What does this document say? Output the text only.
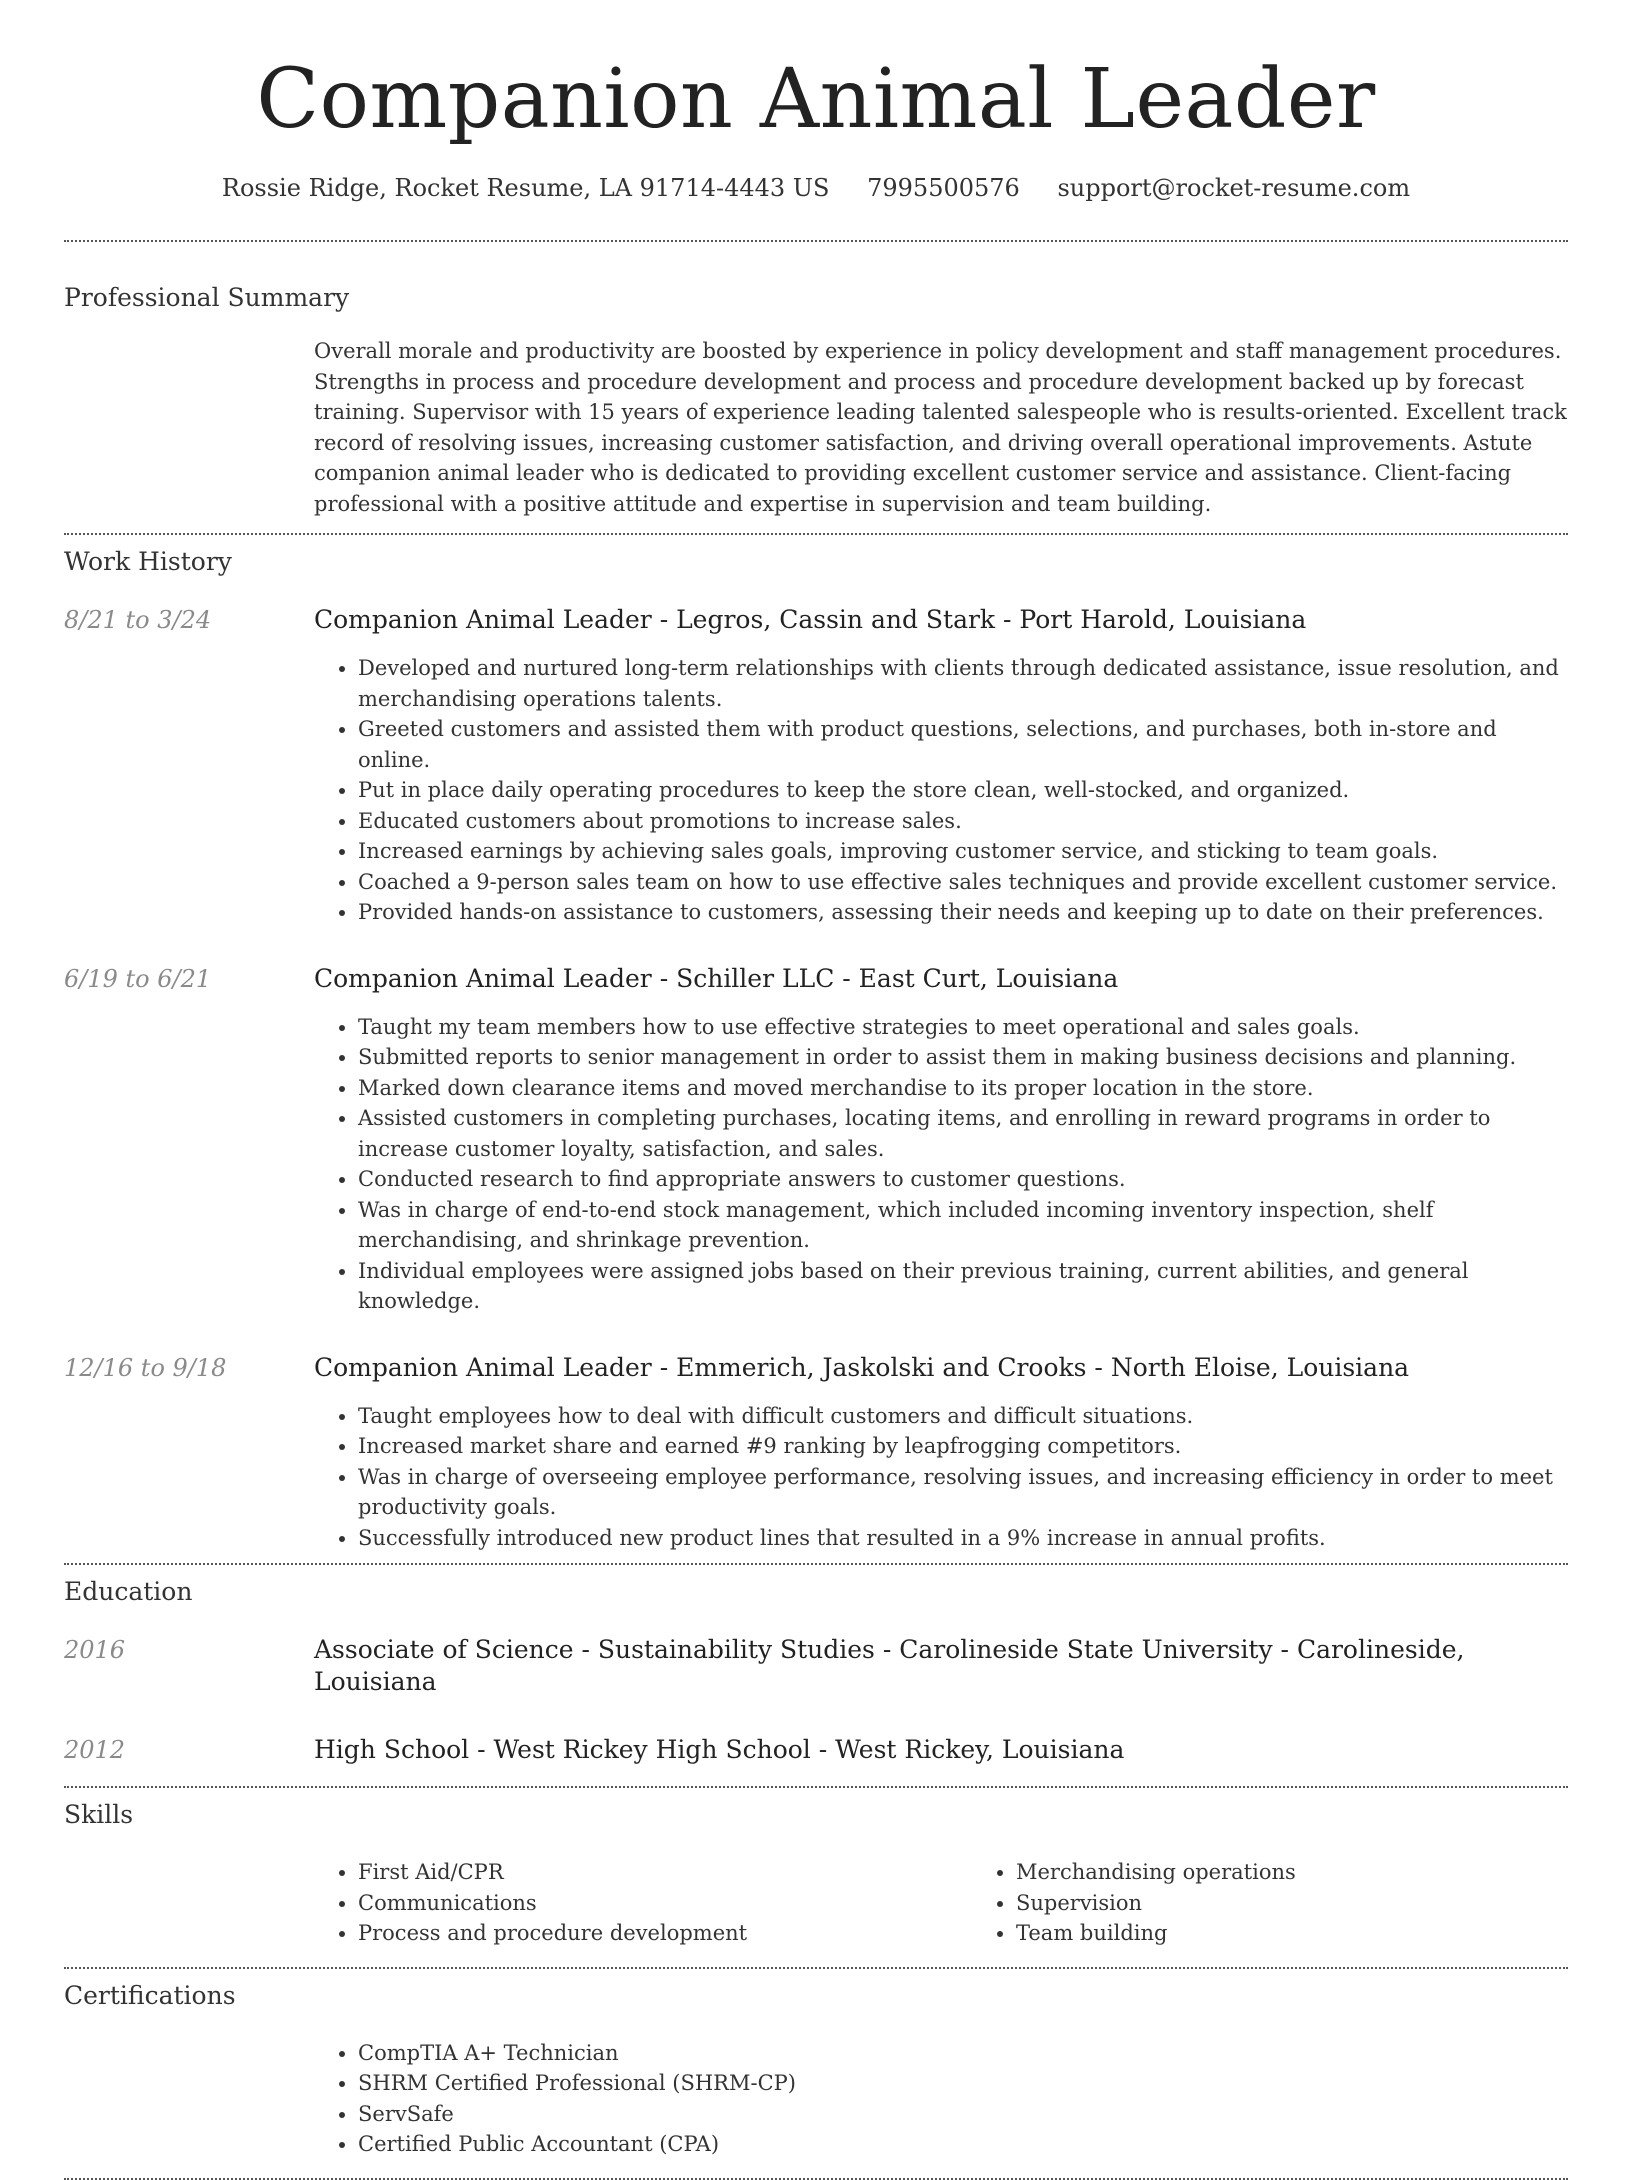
Companion Animal Leader
Rossie Ridge, Rocket Resume, LA 91714-4443 US 7995500576 support@rocket-resume.com
Professional Summary

Overall morale and productivity are boosted by experience in policy development and staff management procedures. Strengths in process and procedure development and process and procedure development backed up by forecast training. Supervisor with 15 years of experience leading talented salespeople who is results-oriented. Excellent track record of resolving issues, increasing customer satisfaction, and driving overall operational improvements. Astute companion animal leader who is dedicated to providing excellent customer service and assistance. Client-facing professional with a positive attitude and expertise in supervision and team building.

Work History
8/21 to 3/24	Companion Animal Leader - Legros, Cassin and Stark - Port Harold, Louisiana
• Developed and nurtured long-term relationships with clients through dedicated assistance, issue resolution, and merchandising operations talents.
• Greeted customers and assisted them with product questions, selections, and purchases, both in-store and online.
• Put in place daily operating procedures to keep the store clean, well-stocked, and organized.
• Educated customers about promotions to increase sales.
• Increased earnings by achieving sales goals, improving customer service, and sticking to team goals.
• Coached a 9-person sales team on how to use effective sales techniques and provide excellent customer service.
• Provided hands-on assistance to customers, assessing their needs and keeping up to date on their preferences.
6/19 to 6/21	Companion Animal Leader - Schiller LLC - East Curt, Louisiana
• Taught my team members how to use effective strategies to meet operational and sales goals.
• Submitted reports to senior management in order to assist them in making business decisions and planning.
• Marked down clearance items and moved merchandise to its proper location in the store.
• Assisted customers in completing purchases, locating items, and enrolling in reward programs in order to increase customer loyalty, satisfaction, and sales.
• Conducted research to find appropriate answers to customer questions.
• Was in charge of end-to-end stock management, which included incoming inventory inspection, shelf merchandising, and shrinkage prevention.
• Individual employees were assigned jobs based on their previous training, current abilities, and general knowledge.
12/16 to 9/18	Companion Animal Leader - Emmerich, Jaskolski and Crooks - North Eloise, Louisiana
• Taught employees how to deal with difficult customers and difficult situations.
• Increased market share and earned #9 ranking by leapfrogging competitors.
• Was in charge of overseeing employee performance, resolving issues, and increasing efficiency in order to meet productivity goals.
• Successfully introduced new product lines that resulted in a 9% increase in annual profits.
Education
2016	Associate of Science - Sustainability Studies - Carolineside State University - Carolineside, Louisiana
2012	High School - West Rickey High School - West Rickey, Louisiana
Skills
• First Aid/CPR
• Communications
• Process and procedure development
• Merchandising operations
• Supervision
• Team building
Certifications
• CompTIA A+ Technician
• SHRM Certified Professional (SHRM-CP)
• ServSafe
• Certified Public Accountant (CPA)
